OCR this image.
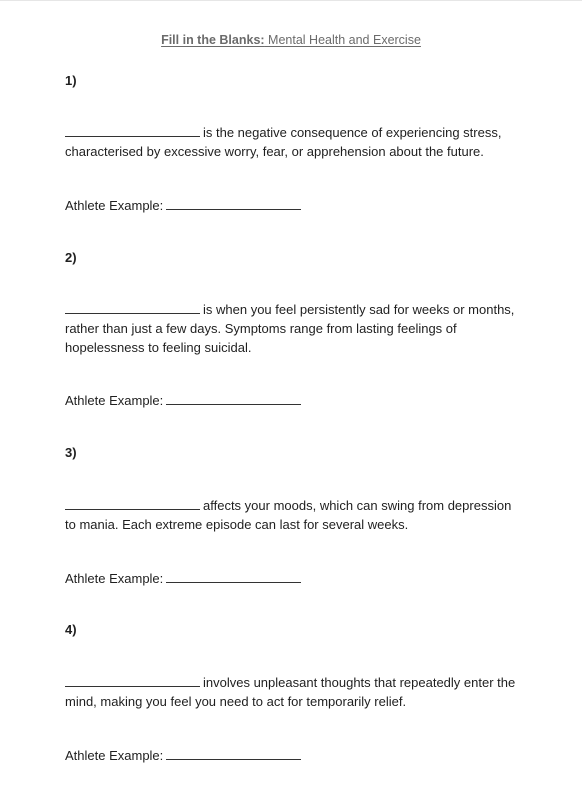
Fill in the Blanks: Mental Health and Exercise

1)

is the negative consequence of experiencing stress, characterised by excessive worry, fear, or apprehension about the future.

Athlete Example:

2)

is when you feel persistently sad for weeks or months, rather than just a few days. Symptoms range from lasting feelings of hopelessness to feeling suicidal.

Athlete Example:

3)

affects your moods, which can swing from depression to mania. Each extreme episode can last for several weeks.

Athlete Example:

4)

involves unpleasant thoughts that repeatedly enter the mind, making you feel you need to act for temporarily relief.

Athlete Example:
